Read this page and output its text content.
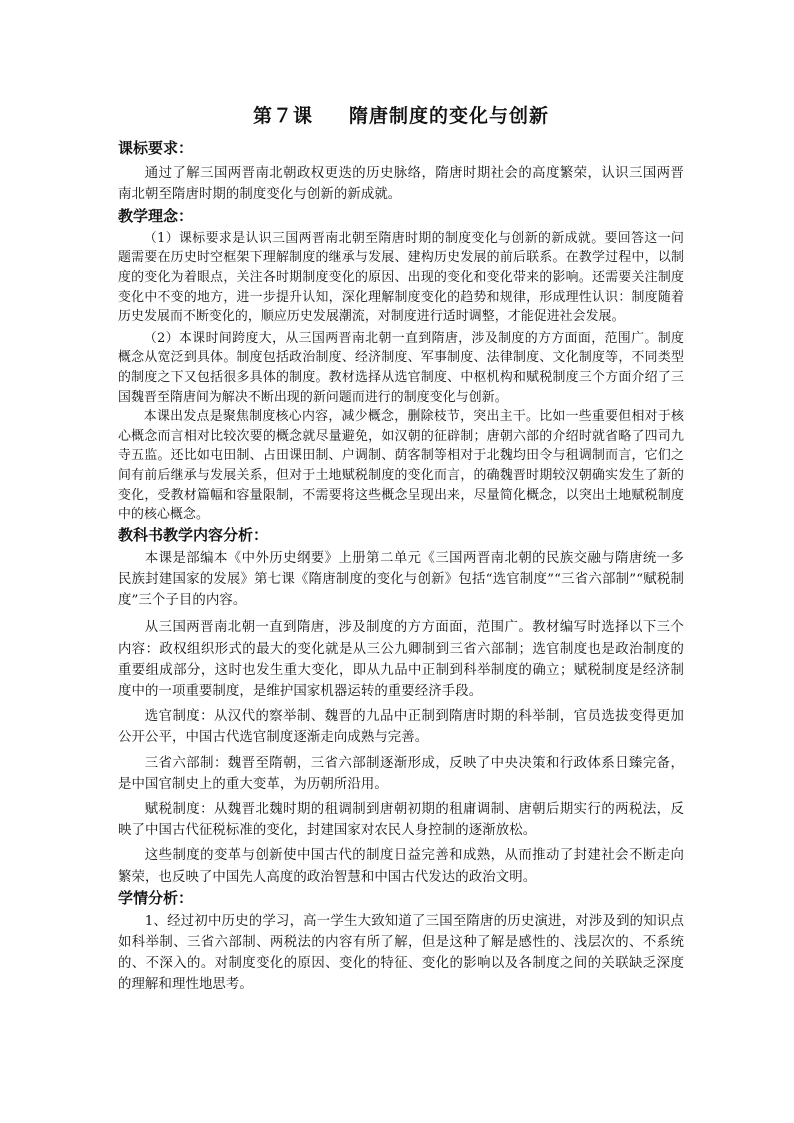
第７课 隋唐制度的变化与创新
课标要求：

通过了解三国两晋南北朝政权更迭的历史脉络，隋唐时期社会的高度繁荣，认识三国两晋南北朝至隋唐时期的制度变化与创新的新成就。

教学理念：

（1）课标要求是认识三国两晋南北朝至隋唐时期的制度变化与创新的新成就。要回答这一问题需要在历史时空框架下理解制度的继承与发展、建构历史发展的前后联系。在教学过程中，以制度的变化为着眼点，关注各时期制度变化的原因、出现的变化和变化带来的影响。还需要关注制度变化中不变的地方，进一步提升认知，深化理解制度变化的趋势和规律，形成理性认识：制度随着历史发展而不断变化的，顺应历史发展潮流，对制度进行适时调整，才能促进社会发展。

（2）本课时间跨度大，从三国两晋南北朝一直到隋唐，涉及制度的方方面面，范围广。制度概念从宽泛到具体。制度包括政治制度、经济制度、军事制度、法律制度、文化制度等，不同类型的制度之下又包括很多具体的制度。教材选择从选官制度、中枢机构和赋税制度三个方面介绍了三国魏晋至隋唐间为解决不断出现的新问题而进行的制度变化与创新。

本课出发点是聚焦制度核心内容，减少概念，删除枝节，突出主干。比如一些重要但相对于核心概念而言相对比较次要的概念就尽量避免，如汉朝的征辟制；唐朝六部的介绍时就省略了四司九寺五监。还比如屯田制、占田课田制、户调制、荫客制等相对于北魏均田令与租调制而言，它们之间有前后继承与发展关系，但对于土地赋税制度的变化而言，的确魏晋时期较汉朝确实发生了新的变化，受教材篇幅和容量限制，不需要将这些概念呈现出来，尽量简化概念，以突出土地赋税制度中的核心概念。

教科书教学内容分析：

本课是部编本《中外历史纲要》上册第二单元《三国两晋南北朝的民族交融与隋唐统一多民族封建国家的发展》第七课《隋唐制度的变化与创新》包括“选官制度”“三省六部制”“赋税制度”三个子目的内容。

从三国两晋南北朝一直到隋唐，涉及制度的方方面面，范围广。教材编写时选择以下三个内容：政权组织形式的最大的变化就是从三公九卿制到三省六部制；选官制度也是政治制度的重要组成部分，这时也发生重大变化，即从九品中正制到科举制度的确立；赋税制度是经济制度中的一项重要制度，是维护国家机器运转的重要经济手段。

选官制度：从汉代的察举制、魏晋的九品中正制到隋唐时期的科举制，官员选拔变得更加公开公平，中国古代选官制度逐渐走向成熟与完善。

三省六部制：魏晋至隋朝，三省六部制逐渐形成，反映了中央决策和行政体系日臻完备，是中国官制史上的重大变革，为历朝所沿用。

赋税制度：从魏晋北魏时期的租调制到唐朝初期的租庸调制、唐朝后期实行的两税法，反映了中国古代征税标准的变化，封建国家对农民人身控制的逐渐放松。

这些制度的变革与创新使中国古代的制度日益完善和成熟，从而推动了封建社会不断走向繁荣，也反映了中国先人高度的政治智慧和中国古代发达的政治文明。

学情分析：

1、经过初中历史的学习，高一学生大致知道了三国至隋唐的历史演进，对涉及到的知识点如科举制、三省六部制、两税法的内容有所了解，但是这种了解是感性的、浅层次的、不系统的、不深入的。对制度变化的原因、变化的特征、变化的影响以及各制度之间的关联缺乏深度的理解和理性地思考。
